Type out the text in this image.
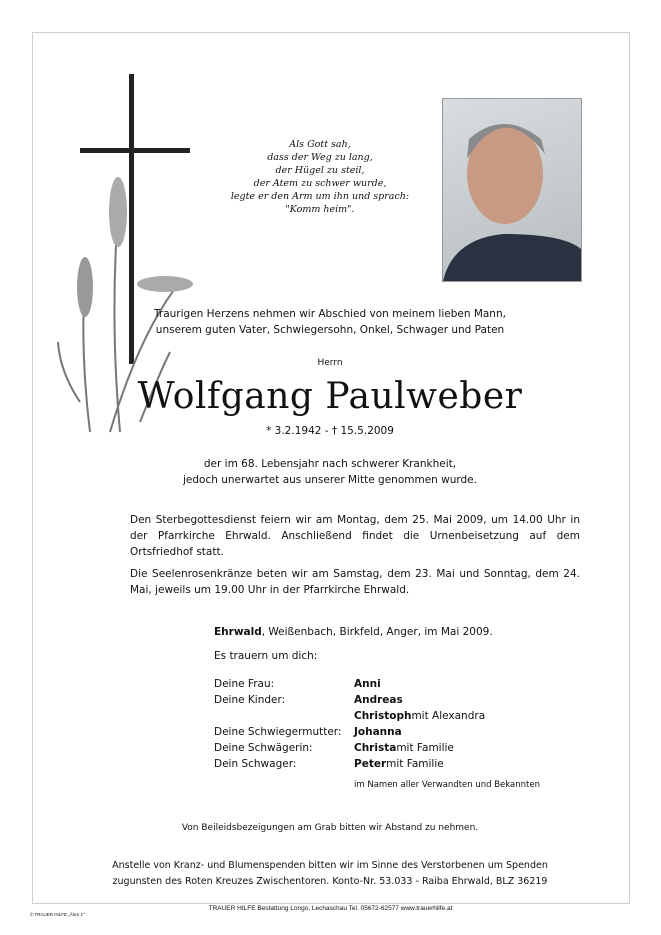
Als Gott sah,
dass der Weg zu lang,
der Hügel zu steil,
der Atem zu schwer wurde,
legte er den Arm um ihn und sprach:
"Komm heim".
Traurigen Herzens nehmen wir Abschied von meinem lieben Mann,
unserem guten Vater, Schwiegersohn, Onkel, Schwager und Paten
Herrn
Wolfgang Paulweber
* 3.2.1942 - † 15.5.2009
der im 68. Lebensjahr nach schwerer Krankheit,
jedoch unerwartet aus unserer Mitte genommen wurde.
Den Sterbegottesdienst feiern wir am Montag, dem 25. Mai 2009, um 14.00 Uhr in der Pfarrkirche Ehrwald. Anschließend findet die Urnenbeisetzung auf dem Ortsfriedhof statt.
Die Seelenrosenkränze beten wir am Samstag, dem 23. Mai und Sonntag, dem 24. Mai, jeweils um 19.00 Uhr in der Pfarrkirche Ehrwald.
Ehrwald, Weißenbach, Birkfeld, Anger, im Mai 2009.
Es trauern um dich:
Deine Frau:	Anni
Deine Kinder:	Andreas
Christoph mit Alexandra
Deine Schwiegermutter:	Johanna
Deine Schwägerin:	Christa mit Familie
Dein Schwager:	Peter mit Familie
im Namen aller Verwandten und Bekannten
Von Beileidsbezeigungen am Grab bitten wir Abstand zu nehmen.
Anstelle von Kranz- und Blumenspenden bitten wir im Sinne des Verstorbenen um Spenden
zugunsten des Roten Kreuzes Zwischentoren. Konto-Nr. 53.033 - Raiba Ehrwald, BLZ 36219
TRAUER HILFE Bestattung Longo, Lechaschau Tel. 05672-62577 www.trauerhilfe.at
© TRAUER HILFE „Ähre 1"
